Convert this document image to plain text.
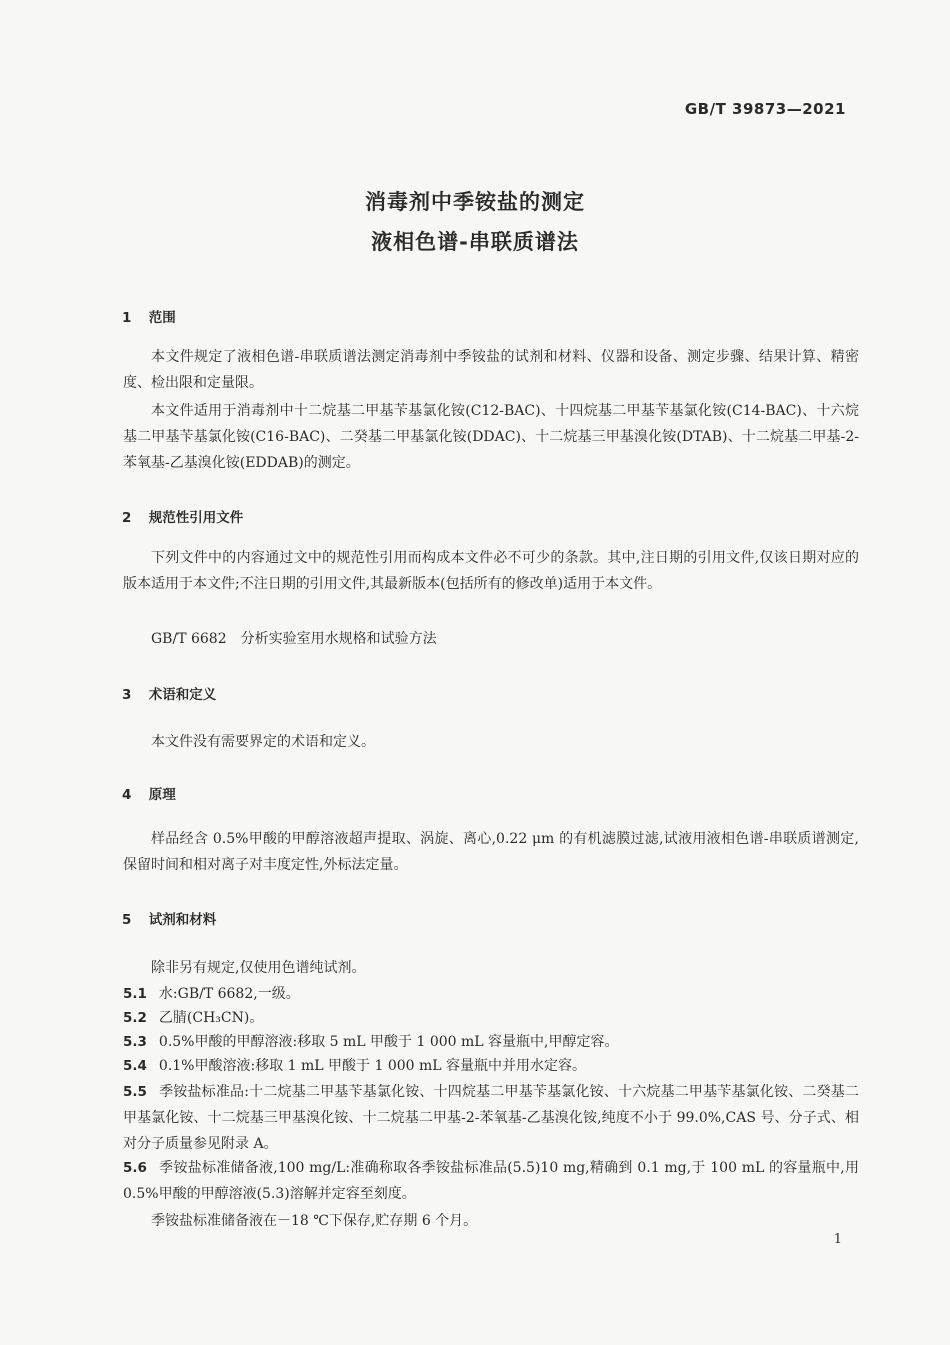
GB/T 39873—2021
消毒剂中季铵盐的测定
液相色谱-串联质谱法
1 范围
本文件规定了液相色谱-串联质谱法测定消毒剂中季铵盐的试剂和材料、仪器和设备、测定步骤、结果计算、精密度、检出限和定量限。
本文件适用于消毒剂中十二烷基二甲基苄基氯化铵(C12-BAC)、十四烷基二甲基苄基氯化铵(C14-BAC)、十六烷基二甲基苄基氯化铵(C16-BAC)、二癸基二甲基氯化铵(DDAC)、十二烷基三甲基溴化铵(DTAB)、十二烷基二甲基-2-苯氧基-乙基溴化铵(EDDAB)的测定。
2 规范性引用文件
下列文件中的内容通过文中的规范性引用而构成本文件必不可少的条款。其中,注日期的引用文件,仅该日期对应的版本适用于本文件;不注日期的引用文件,其最新版本(包括所有的修改单)适用于本文件。
GB/T 6682　分析实验室用水规格和试验方法
3 术语和定义
本文件没有需要界定的术语和定义。
4 原理
样品经含 0.5%甲酸的甲醇溶液超声提取、涡旋、离心,0.22 μm 的有机滤膜过滤,试液用液相色谱-串联质谱测定,保留时间和相对离子对丰度定性,外标法定量。
5 试剂和材料
除非另有规定,仅使用色谱纯试剂。
5.1 水:GB/T 6682,一级。
5.2 乙腈(CH₃CN)。
5.3 0.5%甲酸的甲醇溶液:移取 5 mL 甲酸于 1 000 mL 容量瓶中,甲醇定容。
5.4 0.1%甲酸溶液:移取 1 mL 甲酸于 1 000 mL 容量瓶中并用水定容。
5.5 季铵盐标准品:十二烷基二甲基苄基氯化铵、十四烷基二甲基苄基氯化铵、十六烷基二甲基苄基氯化铵、二癸基二甲基氯化铵、十二烷基三甲基溴化铵、十二烷基二甲基-2-苯氧基-乙基溴化铵,纯度不小于 99.0%,CAS 号、分子式、相对分子质量参见附录 A。
5.6 季铵盐标准储备液,100 mg/L:准确称取各季铵盐标准品(5.5)10 mg,精确到 0.1 mg,于 100 mL 的容量瓶中,用 0.5%甲酸的甲醇溶液(5.3)溶解并定容至刻度。
季铵盐标准储备液在－18 ℃下保存,贮存期 6 个月。
1
